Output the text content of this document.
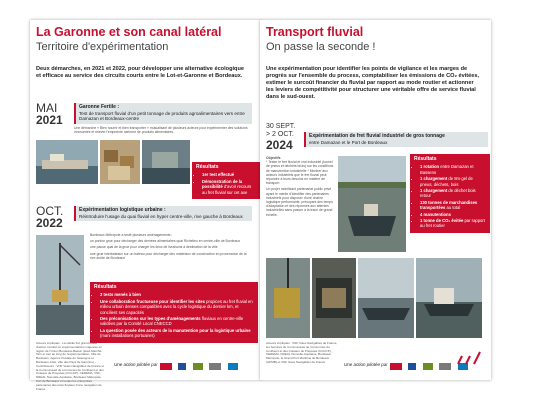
La Garonne et son canal latéral
Territoire d'expérimentation
Deux démarches, en 2021 et 2022, pour développer une alternative écologique et efficace au service des circuits courts entre le Lot-et-Garonne et Bordeaux.
MAI
2021
Garonne Fertile :
Test de transport fluvial d'un petit tonnage de produits agroalimentaires vers entre Damazan et Bordeaux-centre
Une démarche « Bien nourrir et bien transporter » mutualisant de plusieurs acteurs pour expérimenter des solutions innovantes et relever l'empreinte carbone de produits alimentaires.
Résultats
• 1er test effectué
• Démonstration de la possibilité d'avoir recours au fret fluvial sur cet axe
OCT.
2022
Expérimentation logistique urbaine :
Réintroduire l'usage du quai fluvial en hyper centre-ville, rive gauche à Bordeaux
Bordeaux Métropole a testé plusieurs aménagements :
un ponton grue pour décharger des denrées alimentaires quai Richelieu en centre-ville de Bordeaux
une pause quai de la grue pour charger les lieux de livraisons à destination de la ville
une grue interbateaux sur un bateau pour décharger des matériaux de construction en provenance de la rive droite de Bordeaux
Résultats
• 3 tests menés à bien
• Une collaboration fructueuse pour identifier les sites propices au fret fluvial en milieu urbain denses compatibles avec la cycle logistique du dernier km, et concilient ses capacités
• Des préconisations sur les types d'aménagements fluviaux en centre-ville validées par la Comité Local CNECCD
• La question posée des acteurs de la manutention pour la logistique urbaine (mani installations portuaires)
Acteurs impliqués : La cellule fret grand-ouest d'action conduit un expérimentations majeures en région de l'Union Bordeaux-Bassin (Haut Marché-Tarn et tout au long de l'expérimentation, Ville de Bordeaux, Agence Fluviale de Gascogne et Bordeaux-Côté, ville des Pays de Garonne) - Contributeurs : VNF Voies Navigables de France et la Communauté de communes du Confluent et des Coteaux de Prayssas (CCCCP), CEREMA, VNF, DREAL Nouvelle-Aquitaine, Bordeaux Métropole, Port de Bordeaux et toutes les entreprises partenaires des tests fluviaux d'une navigation de France
Une action pilotée par

Transport fluvial
On passe la seconde !
Une expérimentation pour identifier les points de vigilance et les marges de progrès sur l'ensemble du process, comptabiliser les émissions de CO₂ évitées, estimer le surcoût financier du fluvial par rapport au mode routier et actionner les leviers de compétitivité pour structurer une véritable offre de service fluvial dans le sud-ouest.
30 SEPT.
> 2 OCT.
2024
Expérimentation de fret fluvial industriel de gros tonnage
entre Damazan et le Port de Bordeaux
Objectifs
* Tester le fret fluvial et vrai industriel (tonnel de pneus et déchets bruts) sur les conditions de manutention industrielle * Montrer aux acteurs industriels que le fret fluvial peut répondre à leurs besoins en matière de transport
Un projet mobilisant partenariat public privé ayant le mérite d'identifier des partenaires industriels pour disposer d'une chaîne logistique performante, prévoyant des temps d'adaptation et des réponses aux attentes industrielles sans passer à la trace de grand échelle.
Résultats
• 1 rotation entre Damazan et Bassens
• 1 chargement de 8m·gel de pneus, déchets, bois
• 1 chargement de déchet bois retour
• 130 tonnes de marchandises transportées au total
• 4 manutentions
• 1 tonne de CO₂ évitée par rapport au fret routier
Acteurs impliqués : VNF Voies Navigables de France, les Services de Communauté de Communes du Confluent et des Coteaux de Prayssas (CCCCP), CEREMA, DREAL Nouvelle-Aquitaine, Bordeaux Métropole, le Grand Port Maritime de Bordeaux (GPMB) et VNF Voies Navigables de France
Une action pilotée par
